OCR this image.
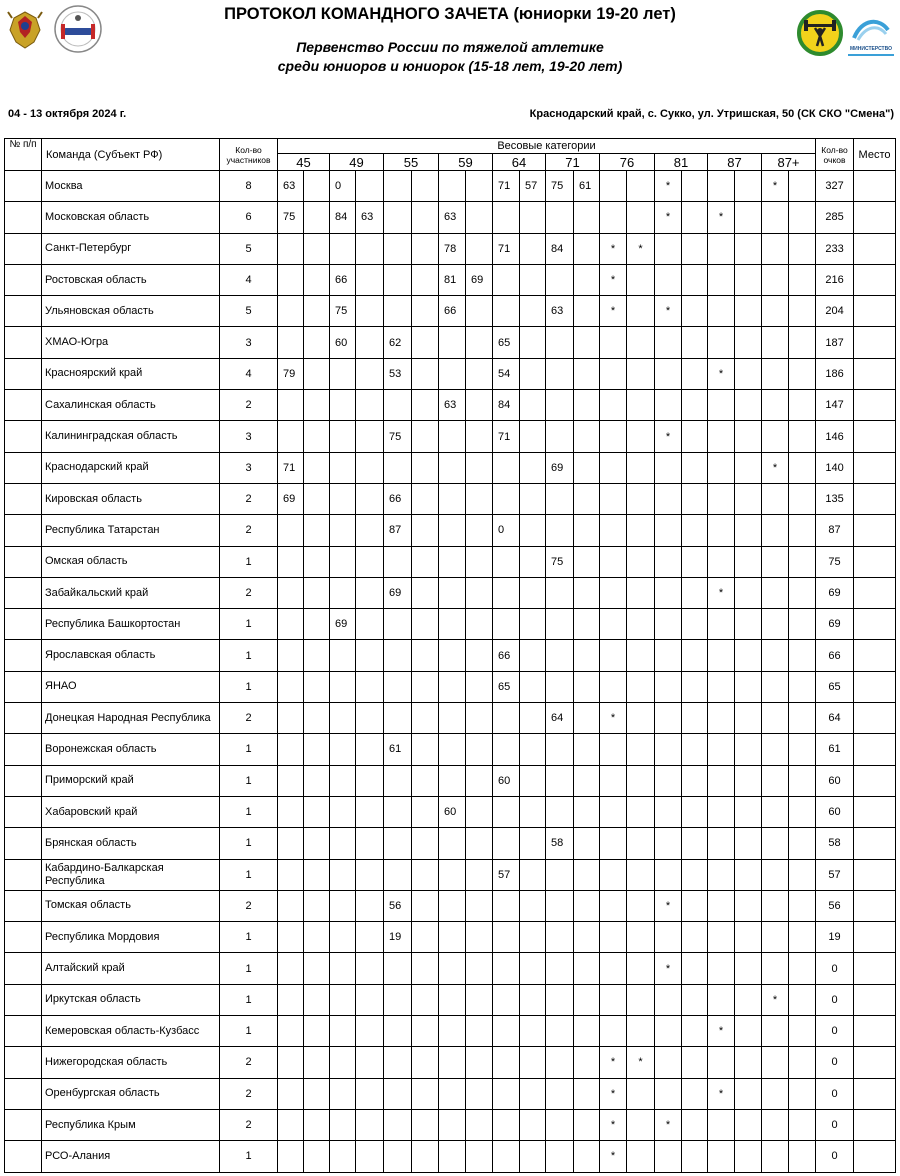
ПРОТОКОЛ КОМАНДНОГО ЗАЧЕТА (юниорки 19-20 лет)
Первенство России по тяжелой атлетике
среди юниоров и юниорок (15-18 лет, 19-20 лет)
МИНИСТЕРСТВО
04 - 13 октября 2024 г.	Краснодарский край, с. Сукко, ул. Утришская, 50 (СК СКО "Смена")
№ п/п	Команда (Субъект РФ)	Кол-во участников	Весовые категории																				Кол-во очков	Место
			45		49		55		59		64		71		76		81		87		87+			
	Москва	8	63		0						71	57	75	61			*				*		327	
	Московская область	6	75		84	63			63								*		*				285	
	Санкт-Петербург	5							78		71		84		*	*							233	
	Ростовская область	4			66				81	69					*								216	
	Ульяновская область	5			75				66				63		*		*						204	
	ХМАО-Югра	3			60		62				65												187	
	Красноярский край	4	79				53				54								*				186	
	Сахалинская область	2							63		84												147	
	Калининградская область	3					75				71						*						146	
	Краснодарский край	3	71										69								*		140	
	Кировская область	2	69				66																135	
	Республика Татарстан	2					87				0												87	
	Омская область	1											75										75	
	Забайкальский край	2					69												*				69	
	Республика Башкортостан	1			69																		69	
	Ярославская область	1									66												66	
	ЯНАО	1									65												65	
	Донецкая Народная Республика	2											64		*								64	
	Воронежская область	1					61																61	
	Приморский край	1									60												60	
	Хабаровский край	1							60														60	
	Брянская область	1											58										58	
	Кабардино-Балкарская Республика	1									57												57	
	Томская область	2					56										*						56	
	Республика Мордовия	1					19																19	
	Алтайский край	1															*						0	
	Иркутская область	1																			*		0	
	Кемеровская область-Кузбасс	1																	*				0	
	Нижегородская область	2													*	*							0	
	Оренбургская область	2													*				*				0	
	Республика Крым	2													*		*						0	
	РСО-Алания	1													*								0	
